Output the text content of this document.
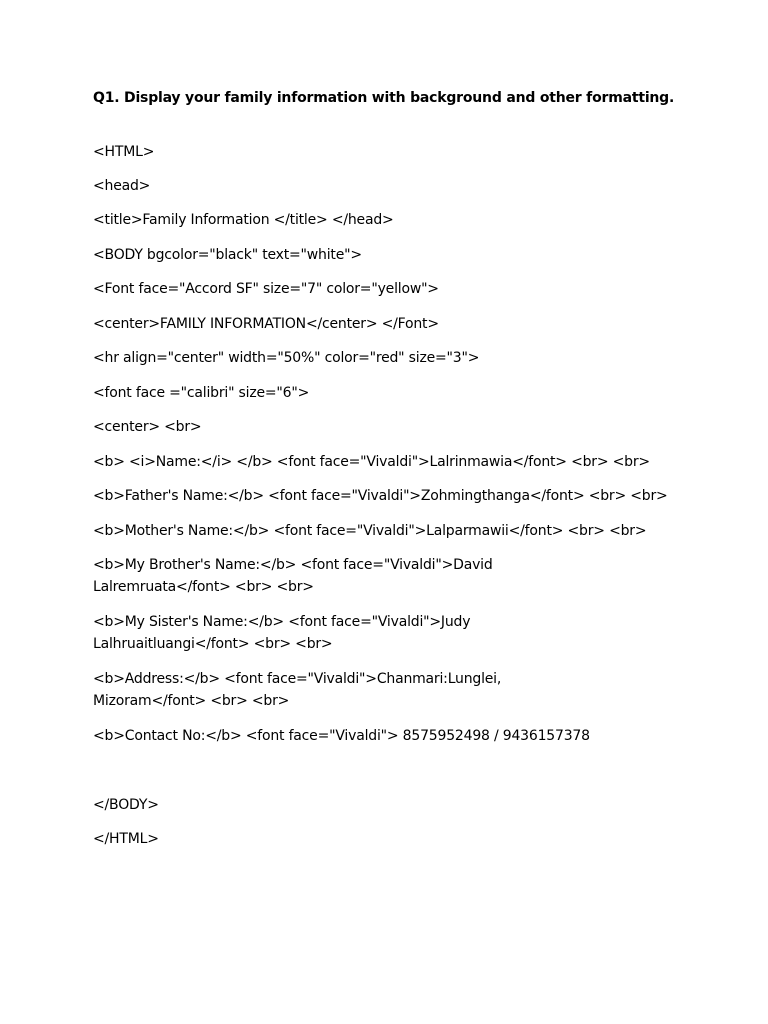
Q1. Display your family information with background and other formatting.
<HTML>
<head>
<title>Family Information </title> </head>
<BODY bgcolor="black" text="white">
<Font face="Accord SF" size="7" color="yellow">
<center>FAMILY INFORMATION</center> </Font>
<hr align="center" width="50%" color="red" size="3">
<font face ="calibri" size="6">
<center> <br>
<b> <i>Name:</i> </b> <font face="Vivaldi">Lalrinmawia</font> <br> <br>
<b>Father's Name:</b> <font face="Vivaldi">Zohmingthanga</font> <br> <br>
<b>Mother's Name:</b> <font face="Vivaldi">Lalparmawii</font> <br> <br>
<b>My Brother's Name:</b> <font face="Vivaldi">David Lalremruata</font> <br> <br>
<b>My Sister's Name:</b> <font face="Vivaldi">Judy Lalhruaitluangi</font> <br> <br>
<b>Address:</b> <font face="Vivaldi">Chanmari:Lunglei, Mizoram</font> <br> <br>
<b>Contact No:</b> <font face="Vivaldi"> 8575952498 / 9436157378
</BODY>
</HTML>
